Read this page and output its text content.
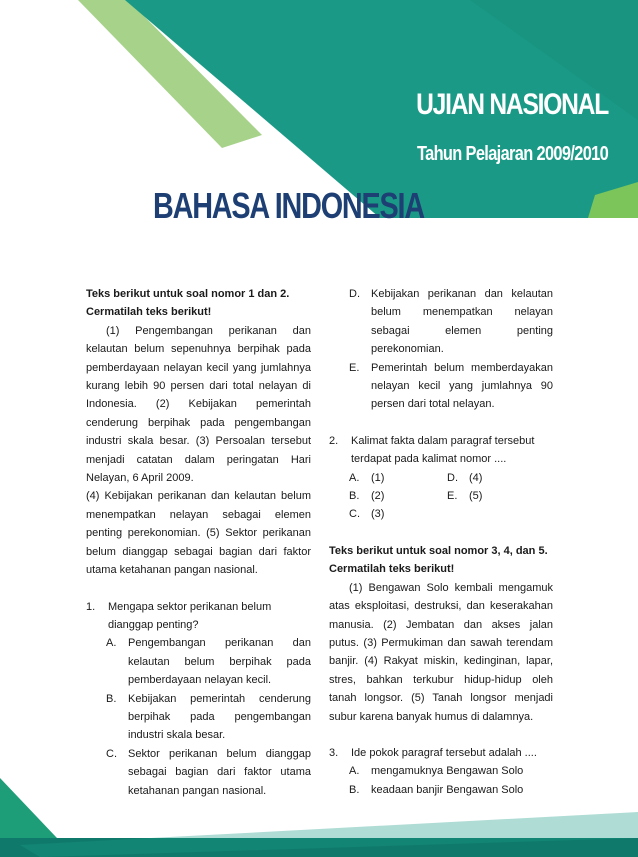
UJIAN NASIONAL
Tahun Pelajaran 2009/2010
BAHASA INDONESIA

Teks berikut untuk soal nomor 1 dan 2.

Cermatilah teks berikut!

(1) Pengembangan perikanan dan kelautan belum sepenuhnya berpihak pada pemberdayaan nelayan kecil yang jumlahnya kurang lebih 90 persen dari total nelayan di Indonesia. (2) Kebijakan pemerintah cenderung berpihak pada pengembangan industri skala besar. (3) Persoalan tersebut menjadi catatan dalam peringatan Hari Nelayan, 6 April 2009.

(4) Kebijakan perikanan dan kelautan belum menempatkan nelayan sebagai elemen penting perekonomian. (5) Sektor perikanan belum dianggap sebagai bagian dari faktor utama ketahanan pangan nasional.

1.	Mengapa sektor perikanan belum dianggap penting?
A.	Pengembangan perikanan dan kelautan belum berpihak pada pemberdayaan nelayan kecil.
B.	Kebijakan pemerintah cenderung berpihak pada pengembangan industri skala besar.
C.	Sektor perikanan belum dianggap sebagai bagian dari faktor utama ketahanan pangan nasional.
D.	Kebijakan perikanan dan kelautan belum menempatkan nelayan sebagai elemen penting perekonomian.
E.	Pemerintah belum memberdayakan nelayan kecil yang jumlahnya 90 persen dari total nelayan.
2.	Kalimat fakta dalam paragraf tersebut terdapat pada kalimat nomor ....
A.	(1)	D.	(4)
B.	(2)	E.	(5)
C.	(3)

Teks berikut untuk soal nomor 3, 4, dan 5.

Cermatilah teks berikut!

(1) Bengawan Solo kembali mengamuk atas eksploitasi, destruksi, dan keserakahan manusia. (2) Jembatan dan akses jalan putus. (3) Permukiman dan sawah terendam banjir. (4) Rakyat miskin, kedinginan, lapar, stres, bahkan terkubur hidup-hidup oleh tanah longsor. (5) Tanah longsor menjadi subur karena banyak humus di dalamnya.

3.	Ide pokok paragraf tersebut adalah ....
A.	mengamuknya Bengawan Solo
B.	keadaan banjir Bengawan Solo
